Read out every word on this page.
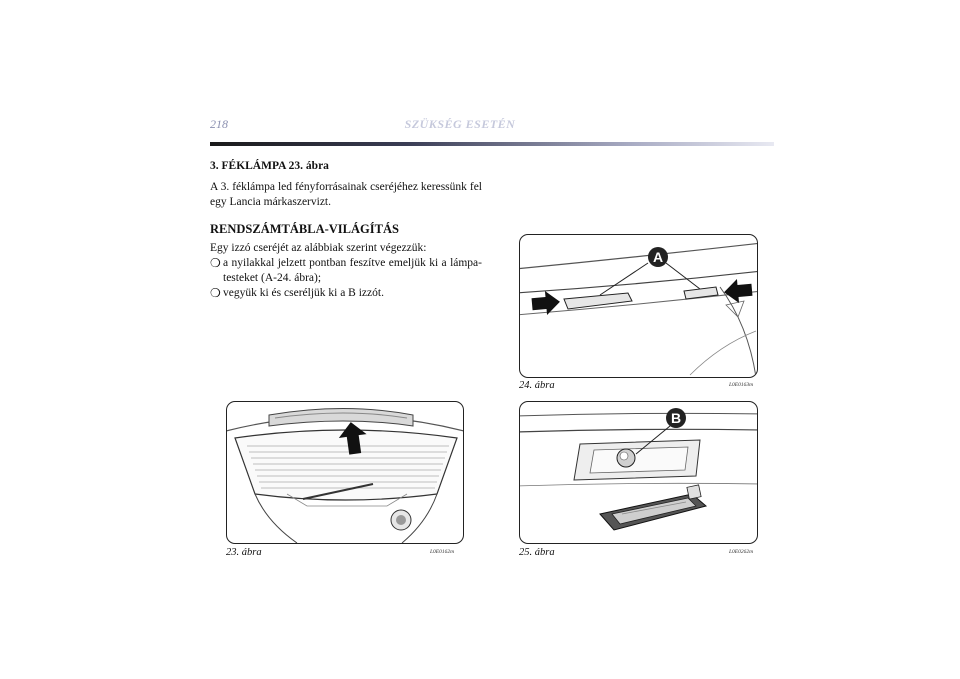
218	SZÜKSÉG ESETÉN
3. FÉKLÁMPA 23. ábra
A 3. féklámpa led fényforrásainak cseréjéhez keressünk fel egy Lancia márkaszervizt.
RENDSZÁMTÁBLA-VILÁGÍTÁS
Egy izzó cseréjét az alábbiak szerint végezzük:
❍ a nyilakkal jelzett pontban feszítve emeljük ki a lámpa-testeket (A-24. ábra);
❍ vegyük ki és cseréljük ki a B izzót.
23. ábra	L0E0162m
A
24. ábra	L0E0163m
B
25. ábra	L0E0262m
